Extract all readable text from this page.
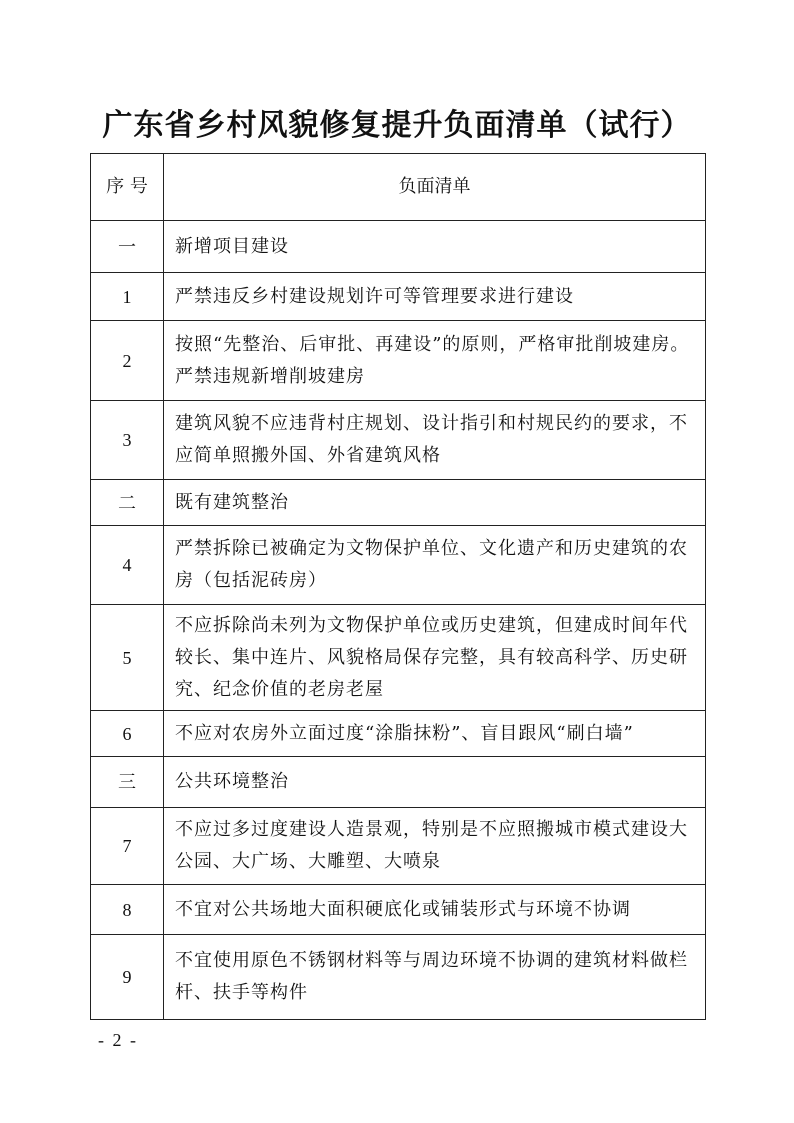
广东省乡村风貌修复提升负面清单（试行）
序 号	负面清单
一	新增项目建设
1	严禁违反乡村建设规划许可等管理要求进行建设
2	按照“先整治、后审批、再建设”的原则，严格审批削坡建房。严禁违规新增削坡建房
3	建筑风貌不应违背村庄规划、设计指引和村规民约的要求，不应简单照搬外国、外省建筑风格
二	既有建筑整治
4	严禁拆除已被确定为文物保护单位、文化遗产和历史建筑的农房（包括泥砖房）
5	不应拆除尚未列为文物保护单位或历史建筑，但建成时间年代较长、集中连片、风貌格局保存完整，具有较高科学、历史研究、纪念价值的老房老屋
6	不应对农房外立面过度“涂脂抹粉”、盲目跟风“刷白墙”
三	公共环境整治
7	不应过多过度建设人造景观，特别是不应照搬城市模式建设大公园、大广场、大雕塑、大喷泉
8	不宜对公共场地大面积硬底化或铺装形式与环境不协调
9	不宜使用原色不锈钢材料等与周边环境不协调的建筑材料做栏杆、扶手等构件
- 2 -
